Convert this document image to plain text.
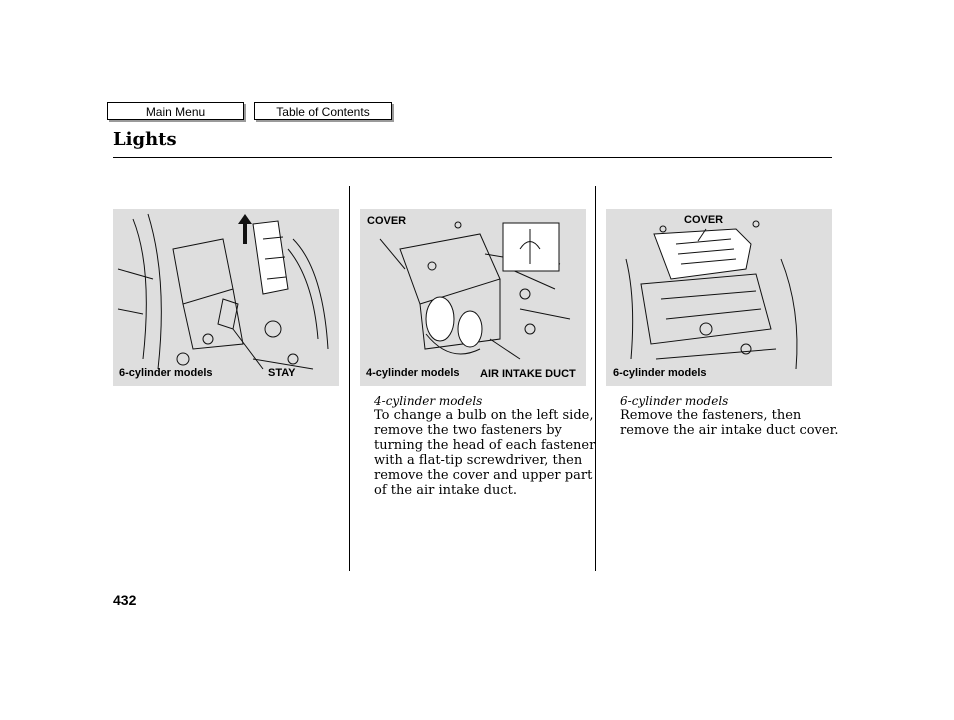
Main Menu	Table of Contents
Lights
6-cylinder models	STAY
COVER
4-cylinder models AIR INTAKE DUCT
COVER
6-cylinder models
4-cylinder models
To change a bulb on the left side,
remove the two fasteners by
turning the head of each fastener
with a flat-tip screwdriver, then
remove the cover and upper part
of the air intake duct.
6-cylinder models
Remove the fasteners, then
remove the air intake duct cover.
432
